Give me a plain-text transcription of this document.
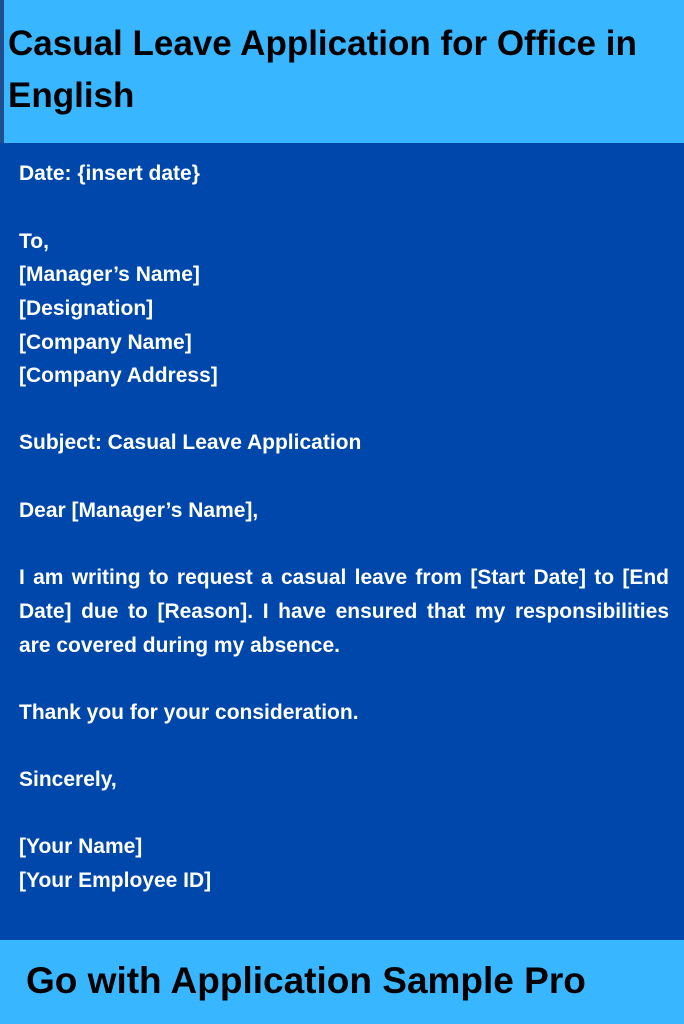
Casual Leave Application for Office in English

Date: {insert date}

To,

[Manager’s Name]

[Designation]

[Company Name]

[Company Address]

Subject: Casual Leave Application

Dear [Manager’s Name],

I am writing to request a casual leave from [Start Date] to [End Date] due to [Reason]. I have ensured that my responsibilities are covered during my absence.

Thank you for your consideration.

Sincerely,

[Your Name]

[Your Employee ID]

Go with Application Sample Pro
